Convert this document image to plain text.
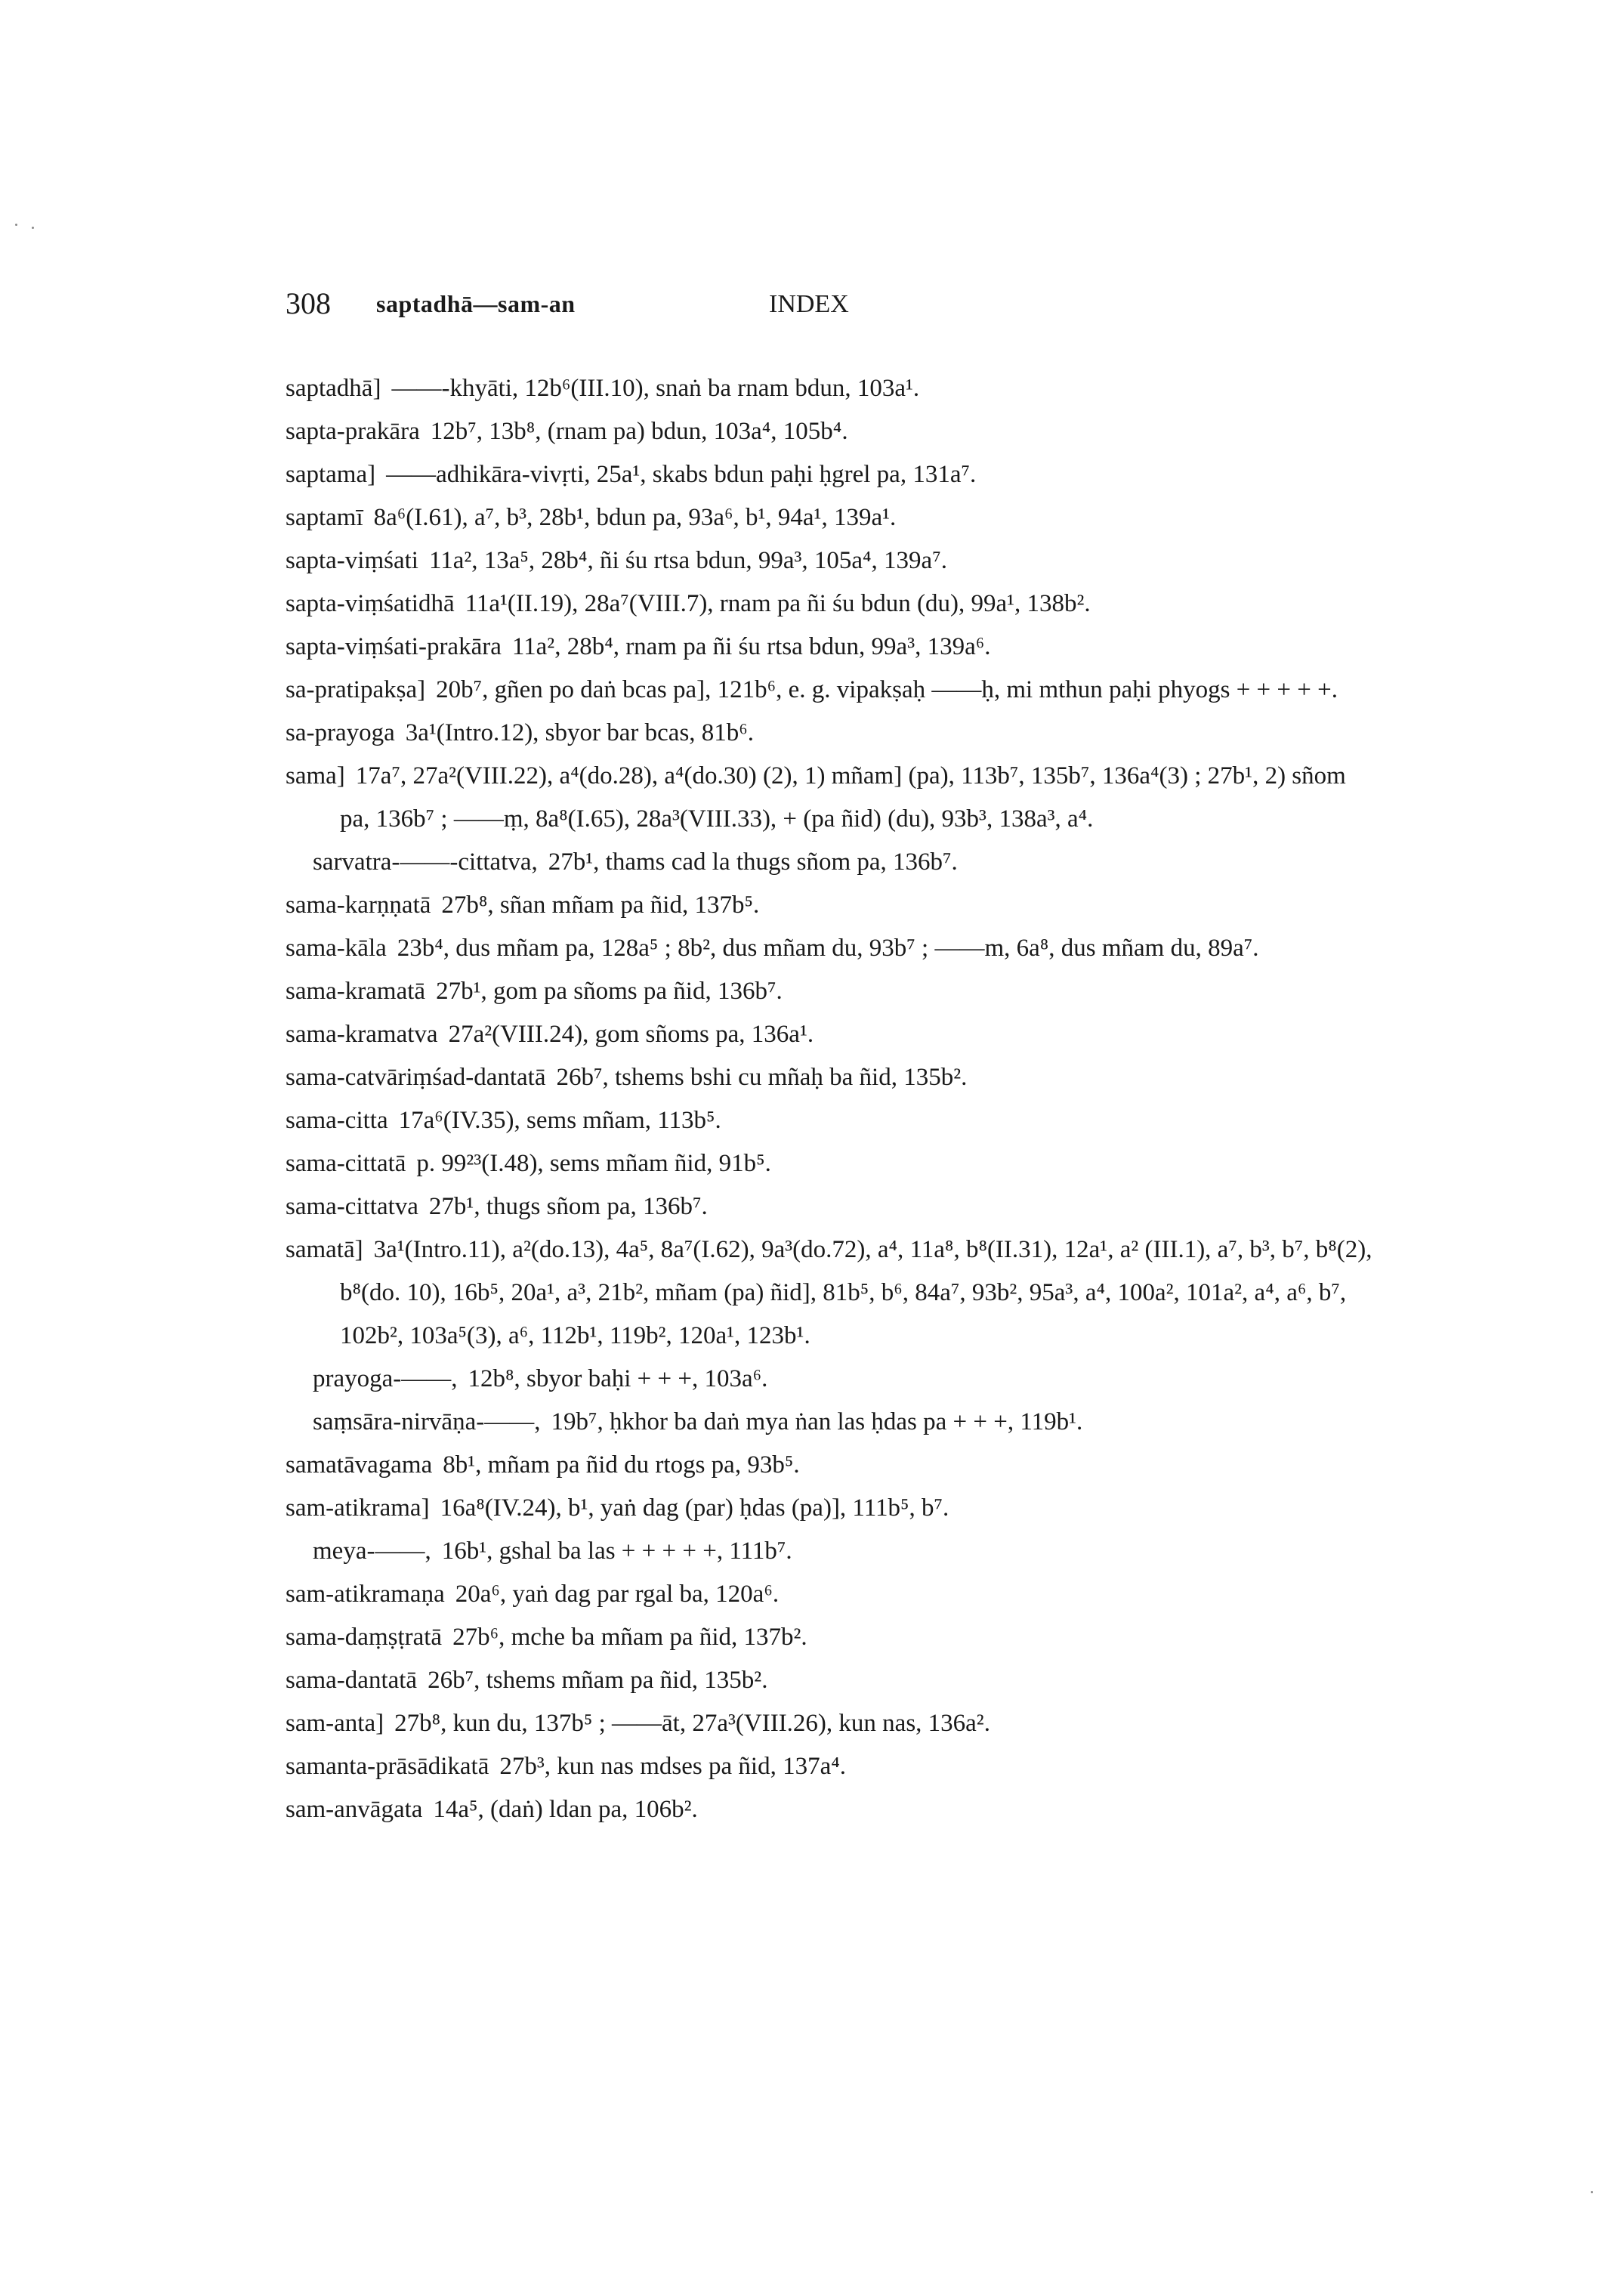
308 saptadhā—sam-an	INDEX
saptadhā] ——-khyāti, 12b⁶(III.10), snaṅ ba rnam bdun, 103a¹.
sapta-prakāra 12b⁷, 13b⁸, (rnam pa) bdun, 103a⁴, 105b⁴.
saptama] ——adhikāra-vivṛti, 25a¹, skabs bdun paḥi ḥgrel pa, 131a⁷.
saptamī 8a⁶(I.61), a⁷, b³, 28b¹, bdun pa, 93a⁶, b¹, 94a¹, 139a¹.
sapta-viṃśati 11a², 13a⁵, 28b⁴, ñi śu rtsa bdun, 99a³, 105a⁴, 139a⁷.
sapta-viṃśatidhā 11a¹(II.19), 28a⁷(VIII.7), rnam pa ñi śu bdun (du), 99a¹, 138b².
sapta-viṃśati-prakāra 11a², 28b⁴, rnam pa ñi śu rtsa bdun, 99a³, 139a⁶.
sa-pratipakṣa] 20b⁷, gñen po daṅ bcas pa], 121b⁶, e. g. vipakṣaḥ ——ḥ, mi mthun paḥi phyogs + + + + +.
sa-prayoga 3a¹(Intro.12), sbyor bar bcas, 81b⁶.
sama] 17a⁷, 27a²(VIII.22), a⁴(do.28), a⁴(do.30) (2), 1) mñam] (pa), 113b⁷, 135b⁷, 136a⁴(3) ; 27b¹, 2) sñom pa, 136b⁷ ; ——ṃ, 8a⁸(I.65), 28a³(VIII.33), + (pa ñid) (du), 93b³, 138a³, a⁴.
sarvatra-——-cittatva, 27b¹, thams cad la thugs sñom pa, 136b⁷.
sama-karṇṇatā 27b⁸, sñan mñam pa ñid, 137b⁵.
sama-kāla 23b⁴, dus mñam pa, 128a⁵ ; 8b², dus mñam du, 93b⁷ ; ——m, 6a⁸, dus mñam du, 89a⁷.
sama-kramatā 27b¹, gom pa sñoms pa ñid, 136b⁷.
sama-kramatva 27a²(VIII.24), gom sñoms pa, 136a¹.
sama-catvāriṃśad-dantatā 26b⁷, tshems bshi cu mñaḥ ba ñid, 135b².
sama-citta 17a⁶(IV.35), sems mñam, 113b⁵.
sama-cittatā p. 99²³(I.48), sems mñam ñid, 91b⁵.
sama-cittatva 27b¹, thugs sñom pa, 136b⁷.
samatā] 3a¹(Intro.11), a²(do.13), 4a⁵, 8a⁷(I.62), 9a³(do.72), a⁴, 11a⁸, b⁸(II.31), 12a¹, a² (III.1), a⁷, b³, b⁷, b⁸(2), b⁸(do. 10), 16b⁵, 20a¹, a³, 21b², mñam (pa) ñid], 81b⁵, b⁶, 84a⁷, 93b², 95a³, a⁴, 100a², 101a², a⁴, a⁶, b⁷, 102b², 103a⁵(3), a⁶, 112b¹, 119b², 120a¹, 123b¹.
prayoga-——, 12b⁸, sbyor baḥi + + +, 103a⁶.
saṃsāra-nirvāṇa-——, 19b⁷, ḥkhor ba daṅ mya ṅan las ḥdas pa + + +, 119b¹.
samatāvagama 8b¹, mñam pa ñid du rtogs pa, 93b⁵.
sam-atikrama] 16a⁸(IV.24), b¹, yaṅ dag (par) ḥdas (pa)], 111b⁵, b⁷.
meya-——, 16b¹, gshal ba las + + + + +, 111b⁷.
sam-atikramaṇa 20a⁶, yaṅ dag par rgal ba, 120a⁶.
sama-daṃṣṭratā 27b⁶, mche ba mñam pa ñid, 137b².
sama-dantatā 26b⁷, tshems mñam pa ñid, 135b².
sam-anta] 27b⁸, kun du, 137b⁵ ; ——āt, 27a³(VIII.26), kun nas, 136a².
samanta-prāsādikatā 27b³, kun nas mdses pa ñid, 137a⁴.
sam-anvāgata 14a⁵, (daṅ) ldan pa, 106b².
